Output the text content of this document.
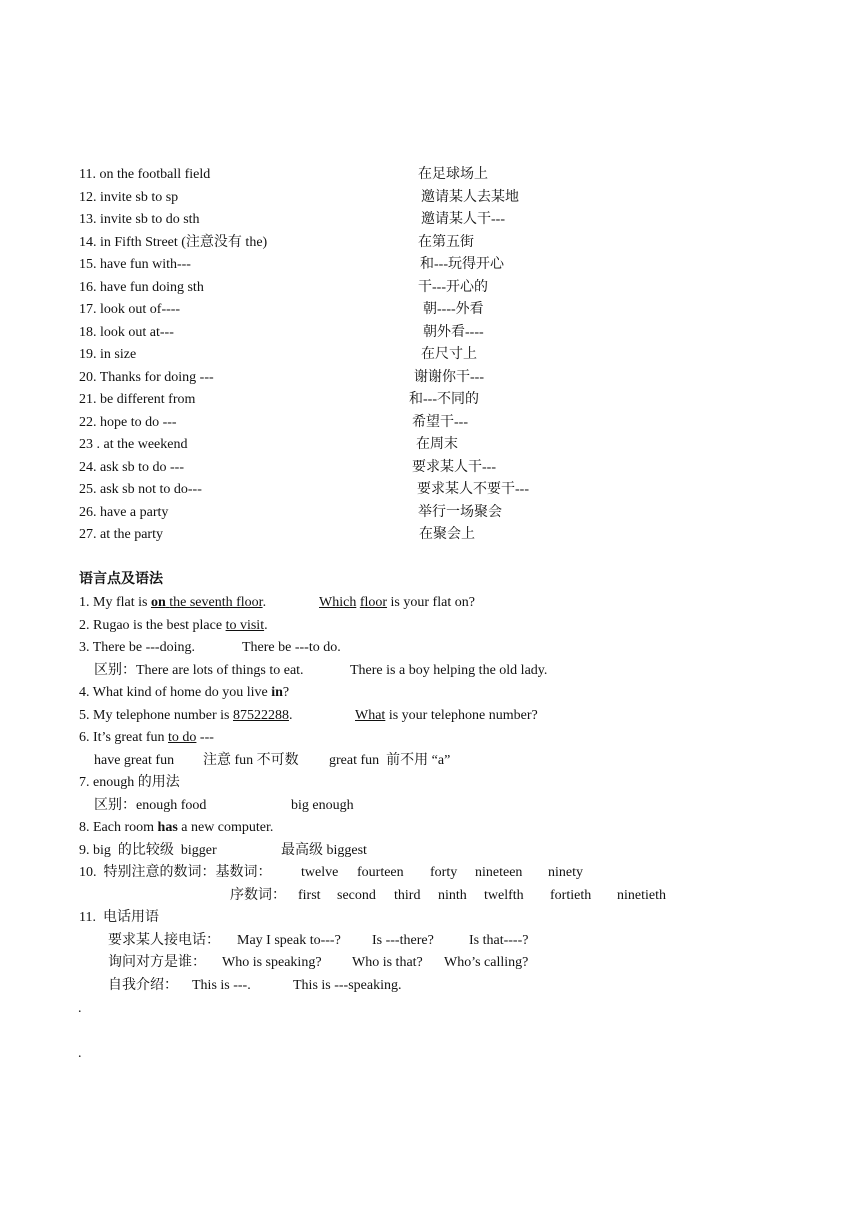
11. on the football field	在足球场上
12. invite sb to sp	邀请某人去某地
13. invite sb to do sth	邀请某人干---
14. in Fifth Street (注意没有 the)	在第五街
15. have fun with---	和---玩得开心
16. have fun doing sth	干---开心的
17. look out of----	朝----外看
18. look out at---	朝外看----
19. in size	在尺寸上
20. Thanks for doing ---	谢谢你干---
21. be different from	和---不同的
22. hope to do ---	希望干---
23 . at the weekend	在周末
24. ask sb to do ---	要求某人干---
25. ask sb not to do---	要求某人不要干---
26. have a party	举行一场聚会
27. at the party	在聚会上
语言点及语法
1. My flat is on the seventh floor.	Which floor is your flat on?
2. Rugao is the best place to visit.
3. There be ---doing.	There be ---to do.
区别：There are lots of things to eat.	There is a boy helping the old lady.
4. What kind of home do you live in?
5. My telephone number is 87522288.	What is your telephone number?
6. It’s great fun to do ---
have great fun 注意 fun 不可数 great fun  前不用 “a”
7. enough 的用法
区别：enough food	big enough
8. Each room has a new computer.
9. big  的比较级  bigger	最高级 biggest
10.  特别注意的数词：基数词： twelve fourteen forty nineteen ninety
序数词： first second third ninth twelfth fortieth ninetieth
11.  电话用语
要求某人接电话： May I speak to---? Is ---there?	Is that----?
询问对方是谁： Who is speaking? Who is that? Who’s calling?
自我介绍： This is ---.	This is ---speaking.
.
.
